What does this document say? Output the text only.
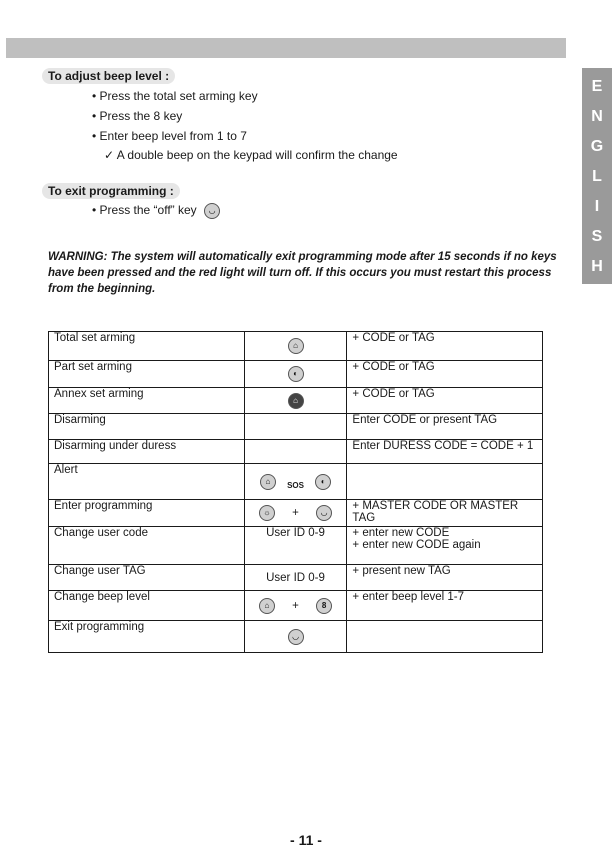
E
N
G
L
I
S
H
To adjust beep level :
• Press the total set arming key
• Press the 8 key
• Enter beep level from 1 to 7
✓ A double beep on the keypad will confirm the change
To exit programming :
• Press the “off” key ◡
WARNING: The system will automatically exit programming mode after 15 seconds if no keys have been pressed and the red light will turn off. If this occurs you must restart this process from the beginning.
Total set arming	⌂	+ CODE or TAG
Part set arming	◐	+ CODE or TAG
Annex set arming	⌂	+ CODE or TAG
Disarming		Enter CODE or present TAG
Disarming under duress		Enter DURESS CODE = CODE + 1
Alert	⌂ SOS ◐	
Enter programming	☼ + ◡	+ MASTER CODE OR MASTER TAG
Change user code	User ID 0-9	+ enter new CODE
+ enter new CODE again

Change user TAG	User ID 0-9	+ present new TAG
Change beep level	⌂ + 8	+ enter beep level 1-7
Exit programming	◡	
- 11 -
